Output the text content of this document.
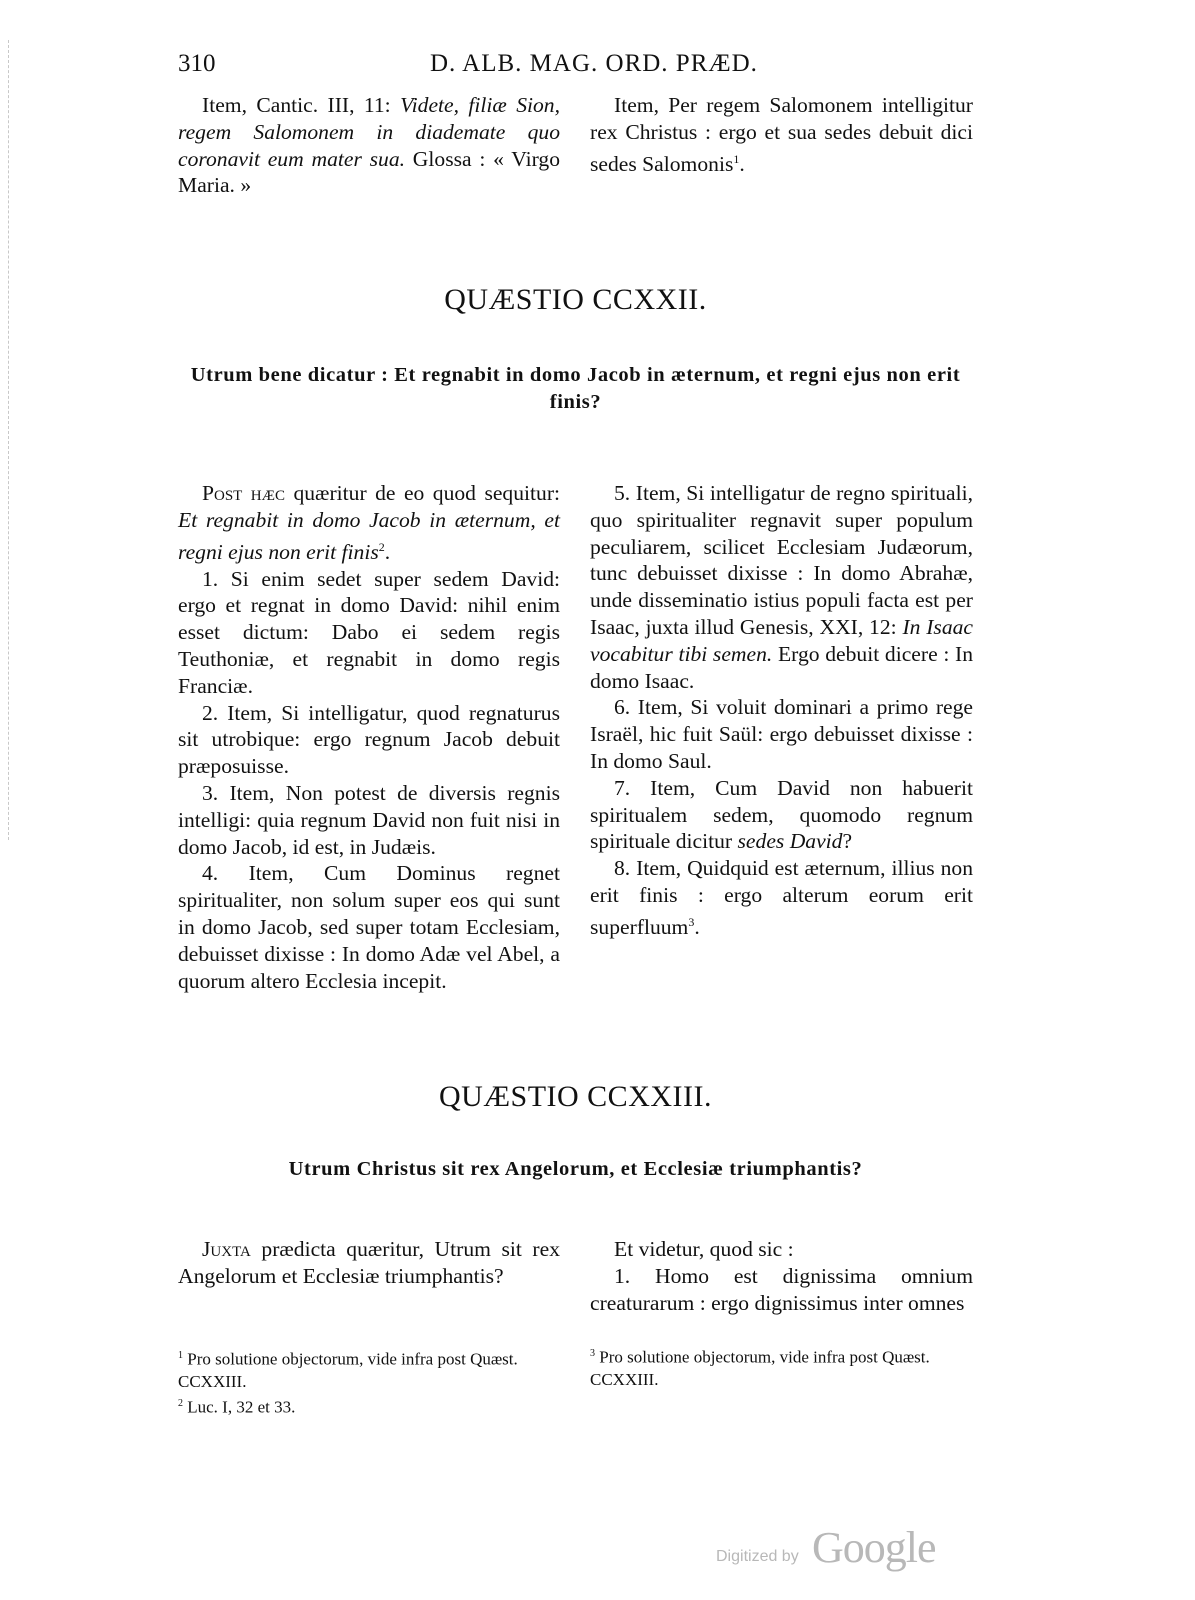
310	D. ALB. MAG. ORD. PRÆD.

Item, Cantic. III, 11: Videte, filiæ Sion, regem Salomonem in diademate quo coronavit eum mater sua. Glossa : « Virgo Maria. »

Item, Per regem Salomonem intelligitur rex Christus : ergo et sua sedes debuit dici sedes Salomonis$^1$.

QUÆSTIO CCXXII.
Utrum bene dicatur : Et regnabit in domo Jacob in æternum, et regni ejus non erit finis?

Post hæc quæritur de eo quod sequitur: Et regnabit in domo Jacob in æternum, et regni ejus non erit finis$^2$.

1. Si enim sedet super sedem David: ergo et regnat in domo David: nihil enim esset dictum: Dabo ei sedem regis Teuthoniæ, et regnabit in domo regis Franciæ.

2. Item, Si intelligatur, quod regnaturus sit utrobique: ergo regnum Jacob debuit præposuisse.

3. Item, Non potest de diversis regnis intelligi: quia regnum David non fuit nisi in domo Jacob, id est, in Judæis.

4. Item, Cum Dominus regnet spiritualiter, non solum super eos qui sunt in domo Jacob, sed super totam Ecclesiam, debuisset dixisse : In domo Adæ vel Abel, a quorum altero Ecclesia incepit.

5. Item, Si intelligatur de regno spirituali, quo spiritualiter regnavit super populum peculiarem, scilicet Ecclesiam Judæorum, tunc debuisset dixisse : In domo Abrahæ, unde disseminatio istius populi facta est per Isaac, juxta illud Genesis, XXI, 12: In Isaac vocabitur tibi semen. Ergo debuit dicere : In domo Isaac.

6. Item, Si voluit dominari a primo rege Israël, hic fuit Saül: ergo debuisset dixisse : In domo Saul.

7. Item, Cum David non habuerit spiritualem sedem, quomodo regnum spirituale dicitur sedes David?

8. Item, Quidquid est æternum, illius non erit finis : ergo alterum eorum erit superfluum$^3$.

QUÆSTIO CCXXIII.
Utrum Christus sit rex Angelorum, et Ecclesiæ triumphantis?

Juxta prædicta quæritur, Utrum sit rex Angelorum et Ecclesiæ triumphantis?

Et videtur, quod sic :

1. Homo est dignissima omnium creaturarum : ergo dignissimus inter omnes

$^1$ Pro solutione objectorum, vide infra post Quæst. CCXXIII.

$^2$ Luc. I, 32 et 33.

$^3$ Pro solutione objectorum, vide infra post Quæst. CCXXIII.

Digitized by Google
